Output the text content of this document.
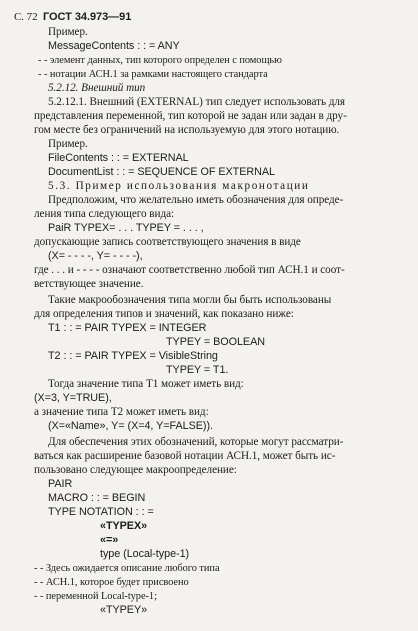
С. 72 ГОСТ 34.973—91
Пример.
MessageContents : : = ANY
- - элемент данных, тип которого определен с помощью
- - нотации АСН.1 за рамками настоящего стандарта
5.2.12. Внешний тип
5.2.12.1. Внешний (EXTERNAL) тип следует использовать для
представления переменной, тип которой не задан или задан в дру-
гом месте без ограничений на используемую для этого нотацию.
Пример.
FileContents : : = EXTERNAL
DocumentList : : = SEQUENCE OF EXTERNAL
5.3. Пример использования макронотации
Предположим, что желательно иметь обозначения для опреде-
ления типа следующего вида:
PaiR TYPEX= . . . TYPEY = . . . ,
допускающие запись соответствующего значения в виде
(X= - - - -, Y= - - - -),
где . . . и - - - - означают соответственно любой тип АСН.1 и соот-
ветствующее значение.
Такие макрообозначения типа могли бы быть использованы
для определения типов и значений, как показано ниже:
T1 : : = PAIR TYPEX = INTEGER
TYPEY = BOOLEAN
T2 : : = PAIR TYPEX = VisibleString
TYPEY = T1.
Тогда значение типа T1 может иметь вид:
(X=3, Y=TRUE),
а значение типа T2 может иметь вид:
(X=«Name», Y= (X=4, Y=FALSE)).
Для обеспечения этих обозначений, которые могут рассматри-
ваться как расширение базовой нотации АСН.1, может быть ис-
пользовано следующее макроопределение:
PAIR
MACRO : : = BEGIN
TYPE NOTATION : : =
«TYPEX»
«=»
type (Local-type-1)
- - Здесь ожидается описание любого типа
- - АСН.1, которое будет присвоено
- - переменной Local-type-1;
«TYPEY»
